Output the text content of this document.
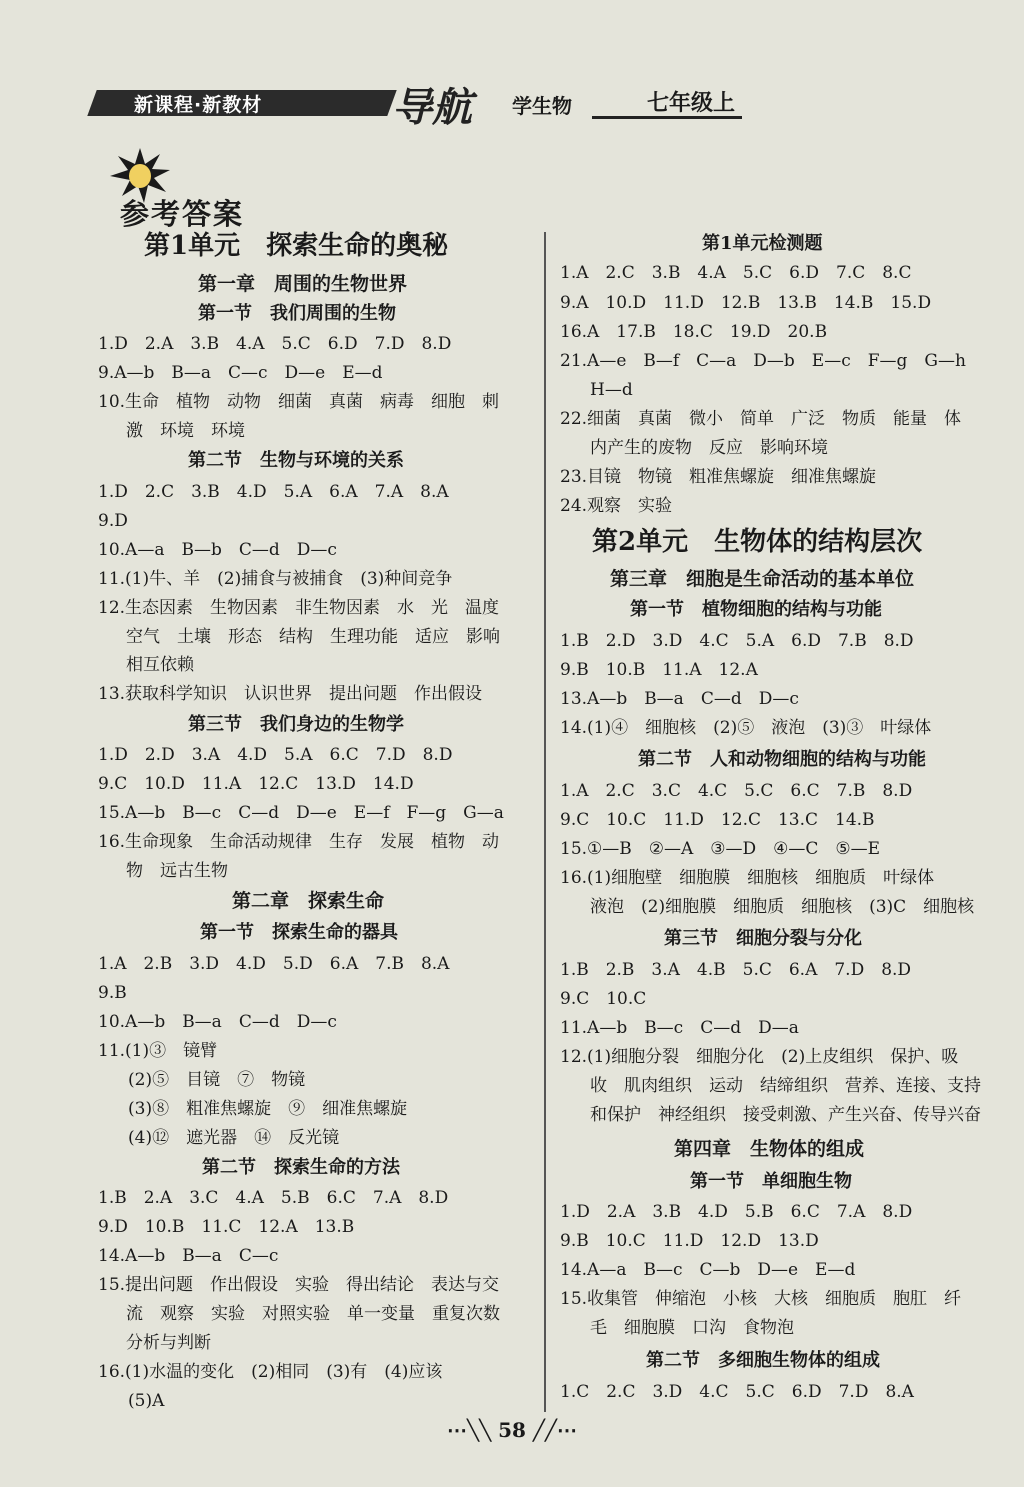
新课程·新教材	导航 学生物	七年级上
参考答案
第1单元　探索生命的奥秘
第一章　周围的生物世界
第一节　我们周围的生物
1.D　2.A　3.B　4.A　5.C　6.D　7.D　8.D
9.A—b　B—a　C—c　D—e　E—d
10.生命　植物　动物　细菌　真菌　病毒　细胞　刺
激　环境　环境
第二节　生物与环境的关系
1.D　2.C　3.B　4.D　5.A　6.A　7.A　8.A
9.D
10.A—a　B—b　C—d　D—c
11.(1)牛、羊　(2)捕食与被捕食　(3)种间竞争
12.生态因素　生物因素　非生物因素　水　光　温度
空气　土壤　形态　结构　生理功能　适应　影响
相互依赖
13.获取科学知识　认识世界　提出问题　作出假设
第三节　我们身边的生物学
1.D　2.D　3.A　4.D　5.A　6.C　7.D　8.D
9.C　10.D　11.A　12.C　13.D　14.D
15.A—b　B—c　C—d　D—e　E—f　F—g　G—a
16.生命现象　生命活动规律　生存　发展　植物　动
物　远古生物
第二章　探索生命
第一节　探索生命的器具
1.A　2.B　3.D　4.D　5.D　6.A　7.B　8.A
9.B
10.A—b　B—a　C—d　D—c
11.(1)③　镜臂
(2)⑤　目镜　⑦　物镜
(3)⑧　粗准焦螺旋　⑨　细准焦螺旋
(4)⑫　遮光器　⑭　反光镜
第二节　探索生命的方法
1.B　2.A　3.C　4.A　5.B　6.C　7.A　8.D
9.D　10.B　11.C　12.A　13.B
14.A—b　B—a　C—c
15.提出问题　作出假设　实验　得出结论　表达与交
流　观察　实验　对照实验　单一变量　重复次数
分析与判断
16.(1)水温的变化　(2)相同　(3)有　(4)应该
(5)A
第1单元检测题
1.A　2.C　3.B　4.A　5.C　6.D　7.C　8.C
9.A　10.D　11.D　12.B　13.B　14.B　15.D
16.A　17.B　18.C　19.D　20.B
21.A—e　B—f　C—a　D—b　E—c　F—g　G—h
H—d
22.细菌　真菌　微小　简单　广泛　物质　能量　体
内产生的废物　反应　影响环境
23.目镜　物镜　粗准焦螺旋　细准焦螺旋
24.观察　实验
第2单元　生物体的结构层次
第三章　细胞是生命活动的基本单位
第一节　植物细胞的结构与功能
1.B　2.D　3.D　4.C　5.A　6.D　7.B　8.D
9.B　10.B　11.A　12.A
13.A—b　B—a　C—d　D—c
14.(1)④　细胞核　(2)⑤　液泡　(3)③　叶绿体
第二节　人和动物细胞的结构与功能
1.A　2.C　3.C　4.C　5.C　6.C　7.B　8.D
9.C　10.C　11.D　12.C　13.C　14.B
15.①—B　②—A　③—D　④—C　⑤—E
16.(1)细胞壁　细胞膜　细胞核　细胞质　叶绿体
液泡　(2)细胞膜　细胞质　细胞核　(3)C　细胞核
第三节　细胞分裂与分化
1.B　2.B　3.A　4.B　5.C　6.A　7.D　8.D
9.C　10.C
11.A—b　B—c　C—d　D—a
12.(1)细胞分裂　细胞分化　(2)上皮组织　保护、吸
收　肌肉组织　运动　结缔组织　营养、连接、支持
和保护　神经组织　接受刺激、产生兴奋、传导兴奋
第四章　生物体的组成
第一节　单细胞生物
1.D　2.A　3.B　4.D　5.B　6.C　7.A　8.D
9.B　10.C　11.D　12.D　13.D
14.A—a　B—c　C—b　D—e　E—d
15.收集管　伸缩泡　小核　大核　细胞质　胞肛　纤
毛　细胞膜　口沟　食物泡
第二节　多细胞生物体的组成
1.C　2.C　3.D　4.C　5.C　6.D　7.D　8.A
⋯╲╲ 58 ╱╱⋯
